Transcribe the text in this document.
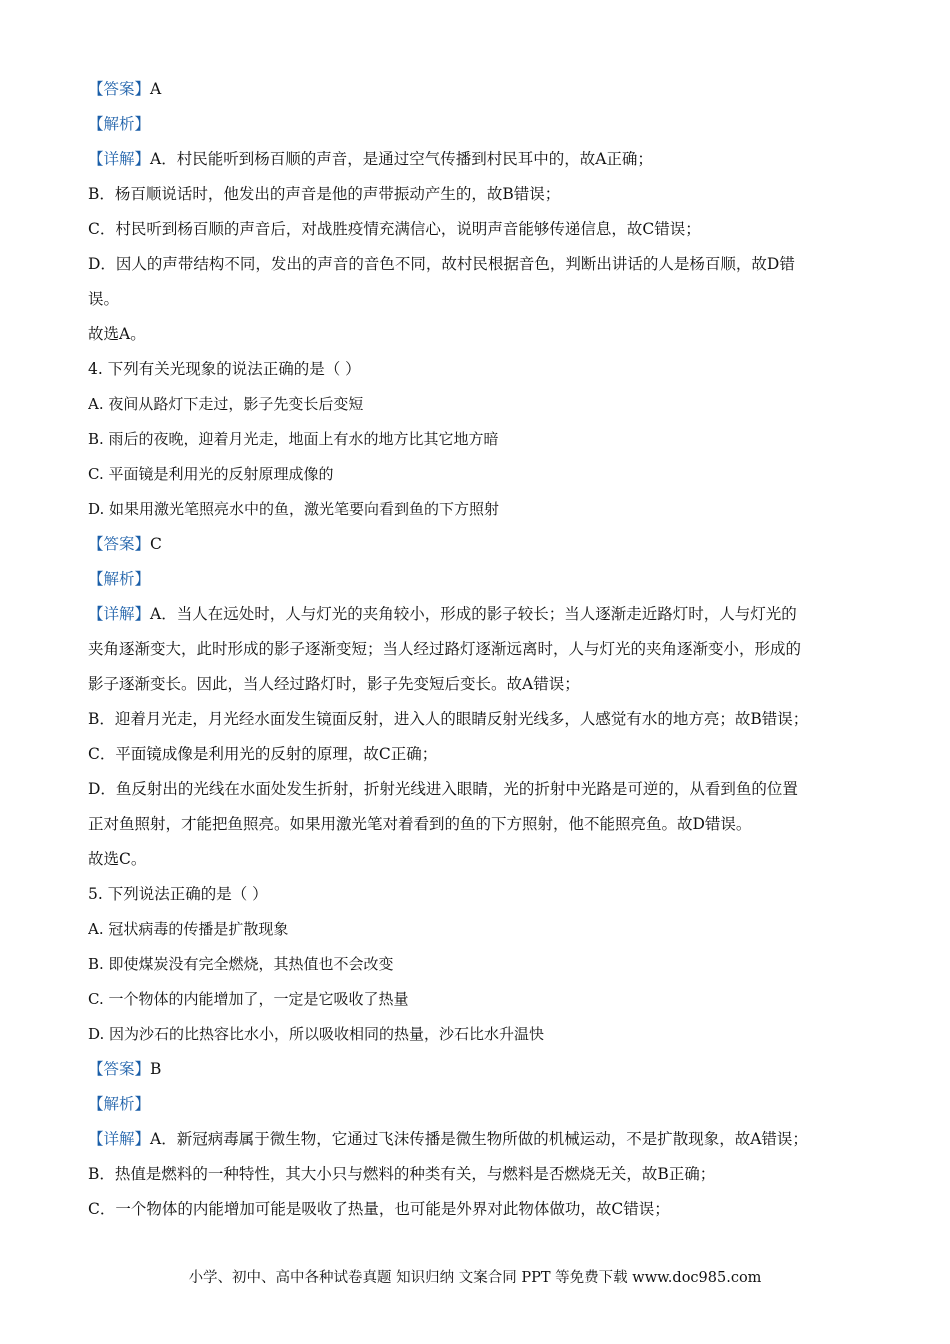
【答案】A
【解析】
【详解】A．村民能听到杨百顺的声音，是通过空气传播到村民耳中的，故A正确；
B．杨百顺说话时，他发出的声音是他的声带振动产生的，故B错误；
C．村民听到杨百顺的声音后，对战胜疫情充满信心，说明声音能够传递信息，故C错误；
D．因人的声带结构不同，发出的声音的音色不同，故村民根据音色，判断出讲话的人是杨百顺，故D错
误。
故选A。
4. 下列有关光现象的说法正确的是（ ）
A. 夜间从路灯下走过，影子先变长后变短
B. 雨后的夜晚，迎着月光走，地面上有水的地方比其它地方暗
C. 平面镜是利用光的反射原理成像的
D. 如果用激光笔照亮水中的鱼，激光笔要向看到鱼的下方照射
【答案】C
【解析】
【详解】A．当人在远处时，人与灯光的夹角较小，形成的影子较长；当人逐渐走近路灯时，人与灯光的
夹角逐渐变大，此时形成的影子逐渐变短；当人经过路灯逐渐远离时，人与灯光的夹角逐渐变小，形成的
影子逐渐变长。因此，当人经过路灯时，影子先变短后变长。故A错误；
B．迎着月光走，月光经水面发生镜面反射，进入人的眼睛反射光线多，人感觉有水的地方亮；故B错误；
C．平面镜成像是利用光的反射的原理，故C正确；
D．鱼反射出的光线在水面处发生折射，折射光线进入眼睛，光的折射中光路是可逆的，从看到鱼的位置
正对鱼照射，才能把鱼照亮。如果用激光笔对着看到的鱼的下方照射，他不能照亮鱼。故D错误。
故选C。
5. 下列说法正确的是（ ）
A. 冠状病毒的传播是扩散现象
B. 即使煤炭没有完全燃烧，其热值也不会改变
C. 一个物体的内能增加了，一定是它吸收了热量
D. 因为沙石的比热容比水小，所以吸收相同的热量，沙石比水升温快
【答案】B
【解析】
【详解】A．新冠病毒属于微生物，它通过飞沫传播是微生物所做的机械运动，不是扩散现象，故A错误；
B．热值是燃料的一种特性，其大小只与燃料的种类有关，与燃料是否燃烧无关，故B正确；
C．一个物体的内能增加可能是吸收了热量，也可能是外界对此物体做功，故C错误；
小学、初中、高中各种试卷真题 知识归纳 文案合同 PPT 等免费下载 www.doc985.com
